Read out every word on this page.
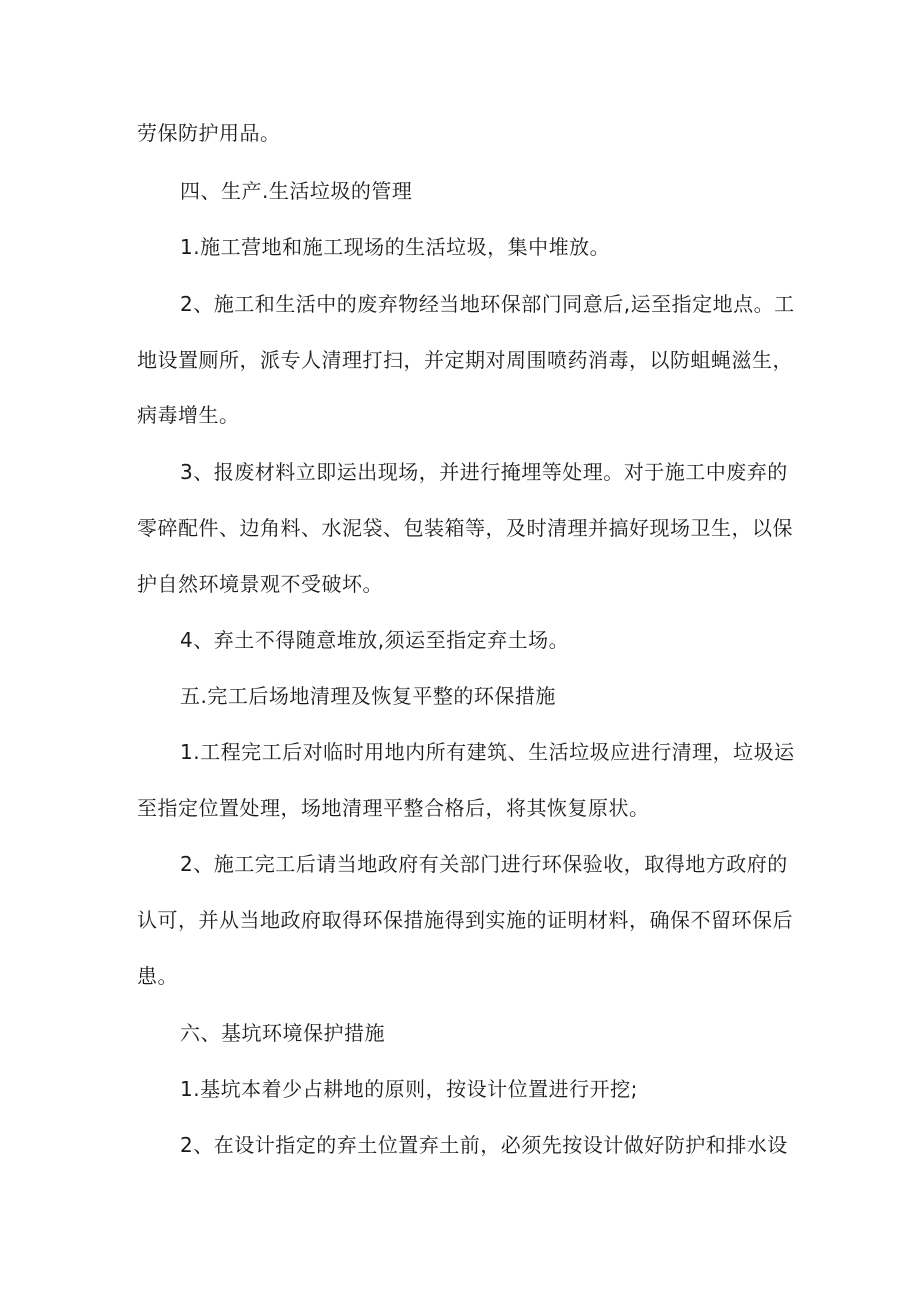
劳保防护用品。
四、生产.生活垃圾的管理
1.施工营地和施工现场的生活垃圾，集中堆放。
2、施工和生活中的废弃物经当地环保部门同意后,运至指定地点。工
地设置厕所，派专人清理打扫，并定期对周围喷药消毒，以防蛆蝇滋生，
病毒增生。
3、报废材料立即运出现场，并进行掩埋等处理。对于施工中废弃的
零碎配件、边角料、水泥袋、包装箱等，及时清理并搞好现场卫生，以保
护自然环境景观不受破坏。
4、弃土不得随意堆放,须运至指定弃土场。
五.完工后场地清理及恢复平整的环保措施
1.工程完工后对临时用地内所有建筑、生活垃圾应进行清理，垃圾运
至指定位置处理，场地清理平整合格后，将其恢复原状。
2、施工完工后请当地政府有关部门进行环保验收，取得地方政府的
认可，并从当地政府取得环保措施得到实施的证明材料，确保不留环保后
患。
六、基坑环境保护措施
1.基坑本着少占耕地的原则，按设计位置进行开挖;
2、在设计指定的弃土位置弃土前，必须先按设计做好防护和排水设
